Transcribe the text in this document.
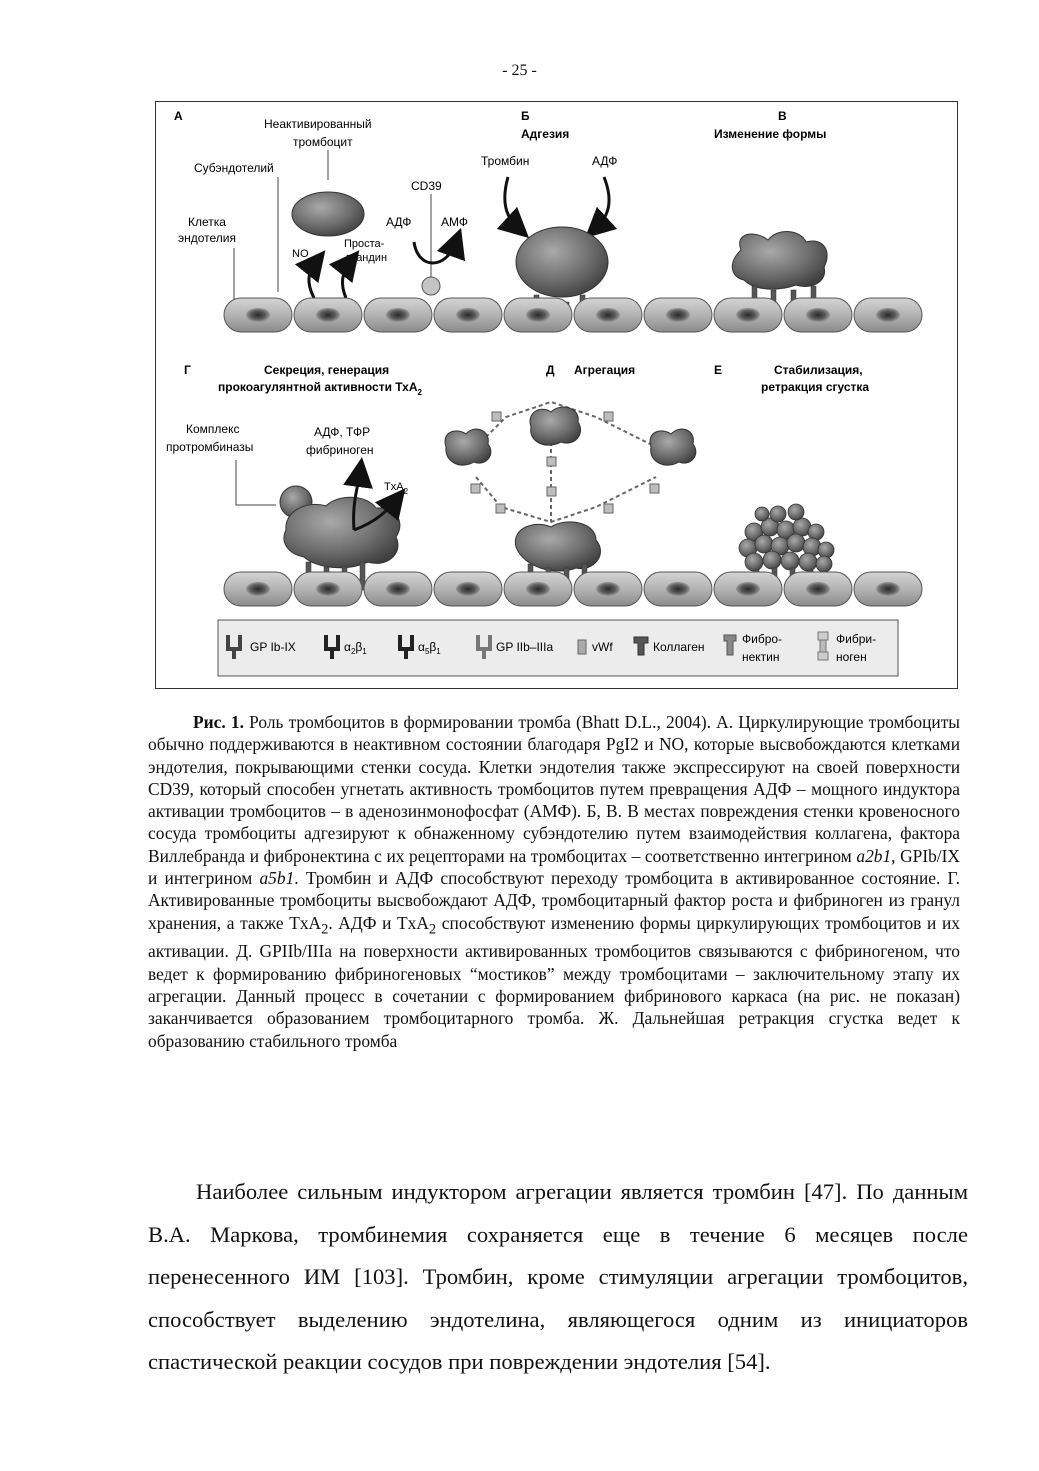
- 25 -
А	Б
Адгезия
В
Изменение формы
Неактивированный
тромбоцит
Субэндотелий
Клетка
эндотелия
CD39
АДФ АМФ
NO
Проста-
гландин
Тромбин	АДФ
Г	Секреция, генерация
прокоагулянтной активности ТхА$_2$
Д Агрегация	Е	Стабилизация,
ретракция сгустка
Комплекс
протромбиназы
АДФ, ТФР
фибриноген
TxA$_2$
GP Ib-IX	$\alpha_2\beta_1$	$\alpha_5\beta_1$	GP IIb–IIIa	vWf	Коллаген
Фибро-
нектин
Фибри-
ноген

Рис. 1. Роль тромбоцитов в формировании тромба (Bhatt D.L., 2004). А. Циркулирующие тромбоциты обычно поддерживаются в неактивном состоянии благодаря PgI2 и NO, которые высвобождаются клетками эндотелия, покрывающими стенки сосуда. Клетки эндотелия также экспрессируют на своей поверхности CD39, который способен угнетать активность тромбоцитов путем превращения АДФ – мощного индуктора активации тромбоцитов – в аденозинмонофосфат (АМФ). Б, В. В местах повреждения стенки кровеносного сосуда тромбоциты адгезируют к обнаженному субэндотелию путем взаимодействия коллагена, фактора Виллебранда и фибронектина с их рецепторами на тромбоцитах – соответственно интегрином a2b1, GPIb/IX и интегрином a5b1. Тромбин и АДФ способствуют переходу тромбоцита в активированное состояние. Г. Активированные тромбоциты высвобождают АДФ, тромбоцитарный фактор роста и фибриноген из гранул хранения, а также TxA$_2$. АДФ и TxA$_2$ способствуют изменению формы циркулирующих тромбоцитов и их активации. Д. GPIIb/IIIa на поверхности активированных тромбоцитов связываются с фибриногеном, что ведет к формированию фибриногеновых “мостиков” между тромбоцитами – заключительному этапу их агрегации. Данный процесс в сочетании с формированием фибринового каркаса (на рис. не показан) заканчивается образованием тромбоцитарного тромба. Ж. Дальнейшая ретракция сгустка ведет к образованию стабильного тромба

Наиболее сильным индуктором агрегации является тромбин [47]. По данным В.А. Маркова, тромбинемия сохраняется еще в течение 6 месяцев после перенесенного ИМ [103]. Тромбин, кроме стимуляции агрегации тромбоцитов, способствует выделению эндотелина, являющегося одним из инициаторов спастической реакции сосудов при повреждении эндотелия [54].
